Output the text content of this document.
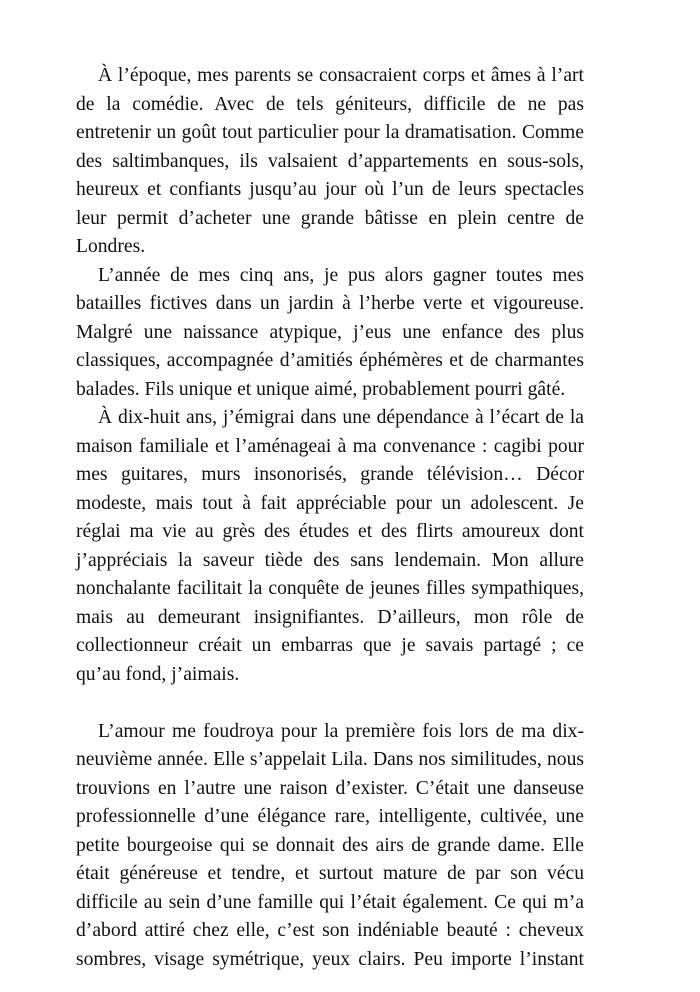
À l’époque, mes parents se consacraient corps et âmes à l’art
de la comédie. Avec de tels géniteurs, difficile de ne pas
entretenir un goût tout particulier pour la dramatisation. Comme
des saltimbanques, ils valsaient d’appartements en sous-sols,
heureux et confiants jusqu’au jour où l’un de leurs spectacles
leur permit d’acheter une grande bâtisse en plein centre de
Londres.
L’année de mes cinq ans, je pus alors gagner toutes mes
batailles fictives dans un jardin à l’herbe verte et vigoureuse.
Malgré une naissance atypique, j’eus une enfance des plus
classiques, accompagnée d’amitiés éphémères et de charmantes
balades. Fils unique et unique aimé, probablement pourri gâté.
À dix-huit ans, j’émigrai dans une dépendance à l’écart de la
maison familiale et l’aménageai à ma convenance : cagibi pour
mes guitares, murs insonorisés, grande télévision… Décor
modeste, mais tout à fait appréciable pour un adolescent. Je
réglai ma vie au grès des études et des flirts amoureux dont
j’appréciais la saveur tiède des sans lendemain. Mon allure
nonchalante facilitait la conquête de jeunes filles sympathiques,
mais au demeurant insignifiantes. D’ailleurs, mon rôle de
collectionneur créait un embarras que je savais partagé ; ce
qu’au fond, j’aimais.
L’amour me foudroya pour la première fois lors de ma dix-
neuvième année. Elle s’appelait Lila. Dans nos similitudes, nous
trouvions en l’autre une raison d’exister. C’était une danseuse
professionnelle d’une élégance rare, intelligente, cultivée, une
petite bourgeoise qui se donnait des airs de grande dame. Elle
était généreuse et tendre, et surtout mature de par son vécu
difficile au sein d’une famille qui l’était également. Ce qui m’a
d’abord attiré chez elle, c’est son indéniable beauté : cheveux
sombres, visage symétrique, yeux clairs. Peu importe l’instant
